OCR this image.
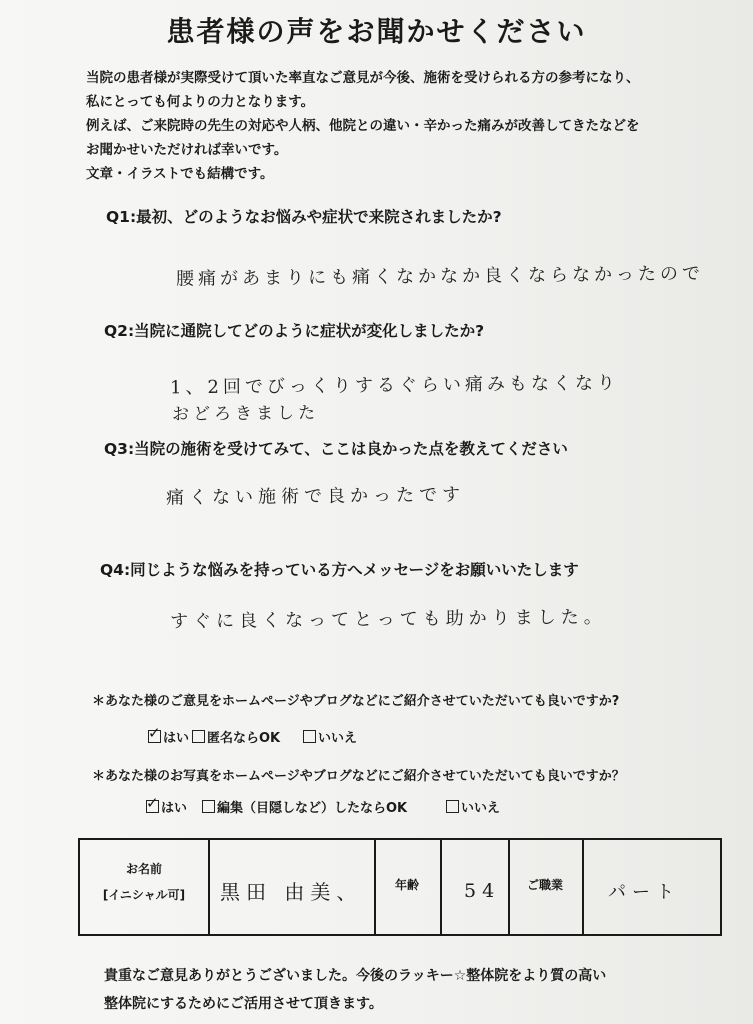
患者様の声をお聞かせください
当院の患者様が実際受けて頂いた率直なご意見が今後、施術を受けられる方の参考になり、
私にとっても何よりの力となります。
例えば、ご来院時の先生の対応や人柄、他院との違い・辛かった痛みが改善してきたなどを
お聞かせいただければ幸いです。
文章・イラストでも結構です。
Q1:最初、どのようなお悩みや症状で来院されましたか?
腰痛があまりにも痛くなかなか良くならなかったので
Q2:当院に通院してどのように症状が変化しましたか?
1、2回でびっくりするぐらい痛みもなくなり
おどろきました
Q3:当院の施術を受けてみて、ここは良かった点を教えてください
痛くない施術で良かったです
Q4:同じような悩みを持っている方へメッセージをお願いいたします
すぐに良くなってとっても助かりました。
＊あなた様のご意見をホームページやブログなどにご紹介させていただいても良いですか?
✓はい	匿名ならOK	いいえ
＊あなた様のお写真をホームページやブログなどにご紹介させていただいても良いですか？
✓はい	編集（目隠しなど）したならOK	いいえ
お名前
[イニシャル可]	黒田 由美、	年齢	54	ご職業	パート
貴重なご意見ありがとうございました。今後のラッキー☆整体院をより質の高い
整体院にするためにご活用させて頂きます。
